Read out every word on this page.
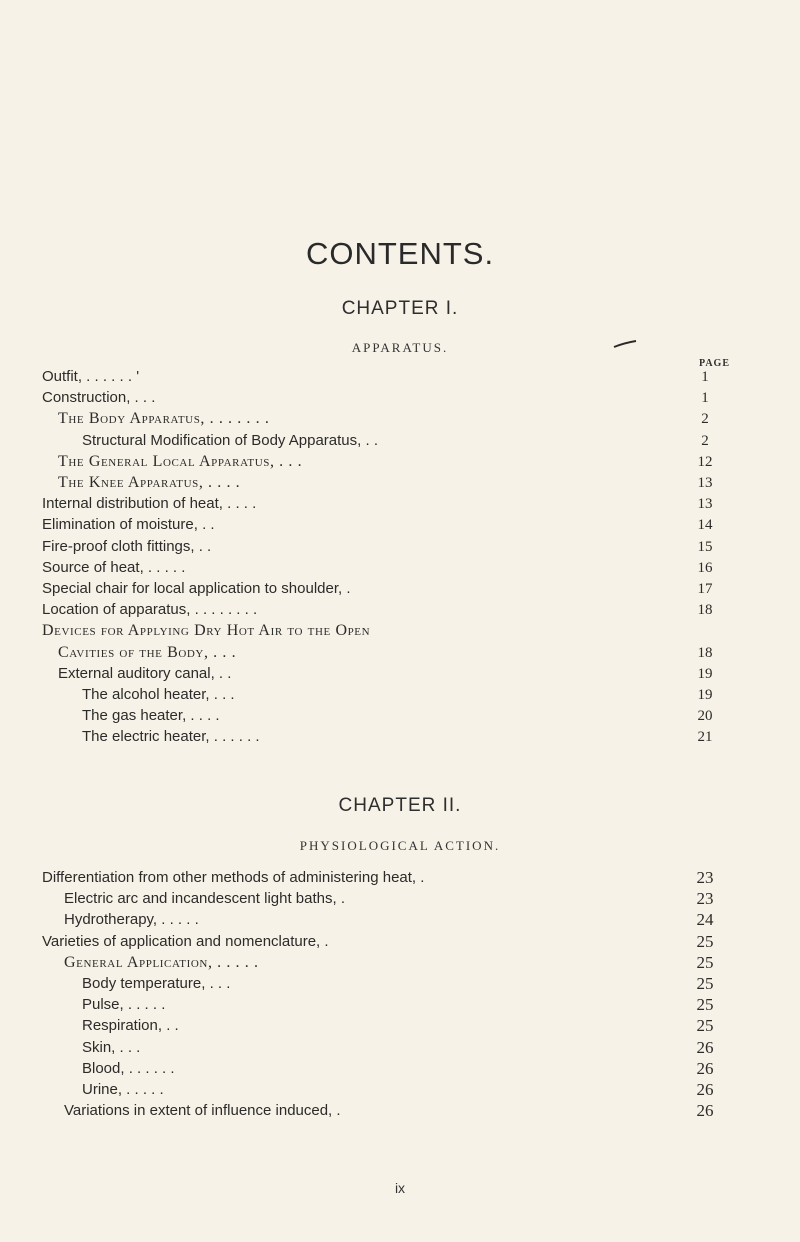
CONTENTS.
CHAPTER I.
APPARATUS.
PAGE
Outfit, . . . . . . '	1
Construction, . . .	1
The Body Apparatus, . . . . . . .	2
Structural Modification of Body Apparatus, . .	2
The General Local Apparatus, . . .	12
The Knee Apparatus, . . . .	13
Internal distribution of heat, . . . .	13
Elimination of moisture, . .	14
Fire-proof cloth fittings, . .	15
Source of heat, . . . . .	16
Special chair for local application to shoulder, .	17
Location of apparatus, . . . . . . . .	18
Devices for Applying Dry Hot Air to the Open
Cavities of the Body, . . .	18
External auditory canal, . .	19
The alcohol heater, . . .	19
The gas heater, . . . .	20
The electric heater, . . . . . .	21
CHAPTER II.
PHYSIOLOGICAL ACTION.
Differentiation from other methods of administering heat, .	23
Electric arc and incandescent light baths, .	23
Hydrotherapy, . . . . .	24
Varieties of application and nomenclature, .	25
General Application, . . . . .	25
Body temperature, . . .	25
Pulse, . . . . .	25
Respiration, . .	25
Skin, . . .	26
Blood, . . . . . .	26
Urine, . . . . .	26
Variations in extent of influence induced, .	26
ix
